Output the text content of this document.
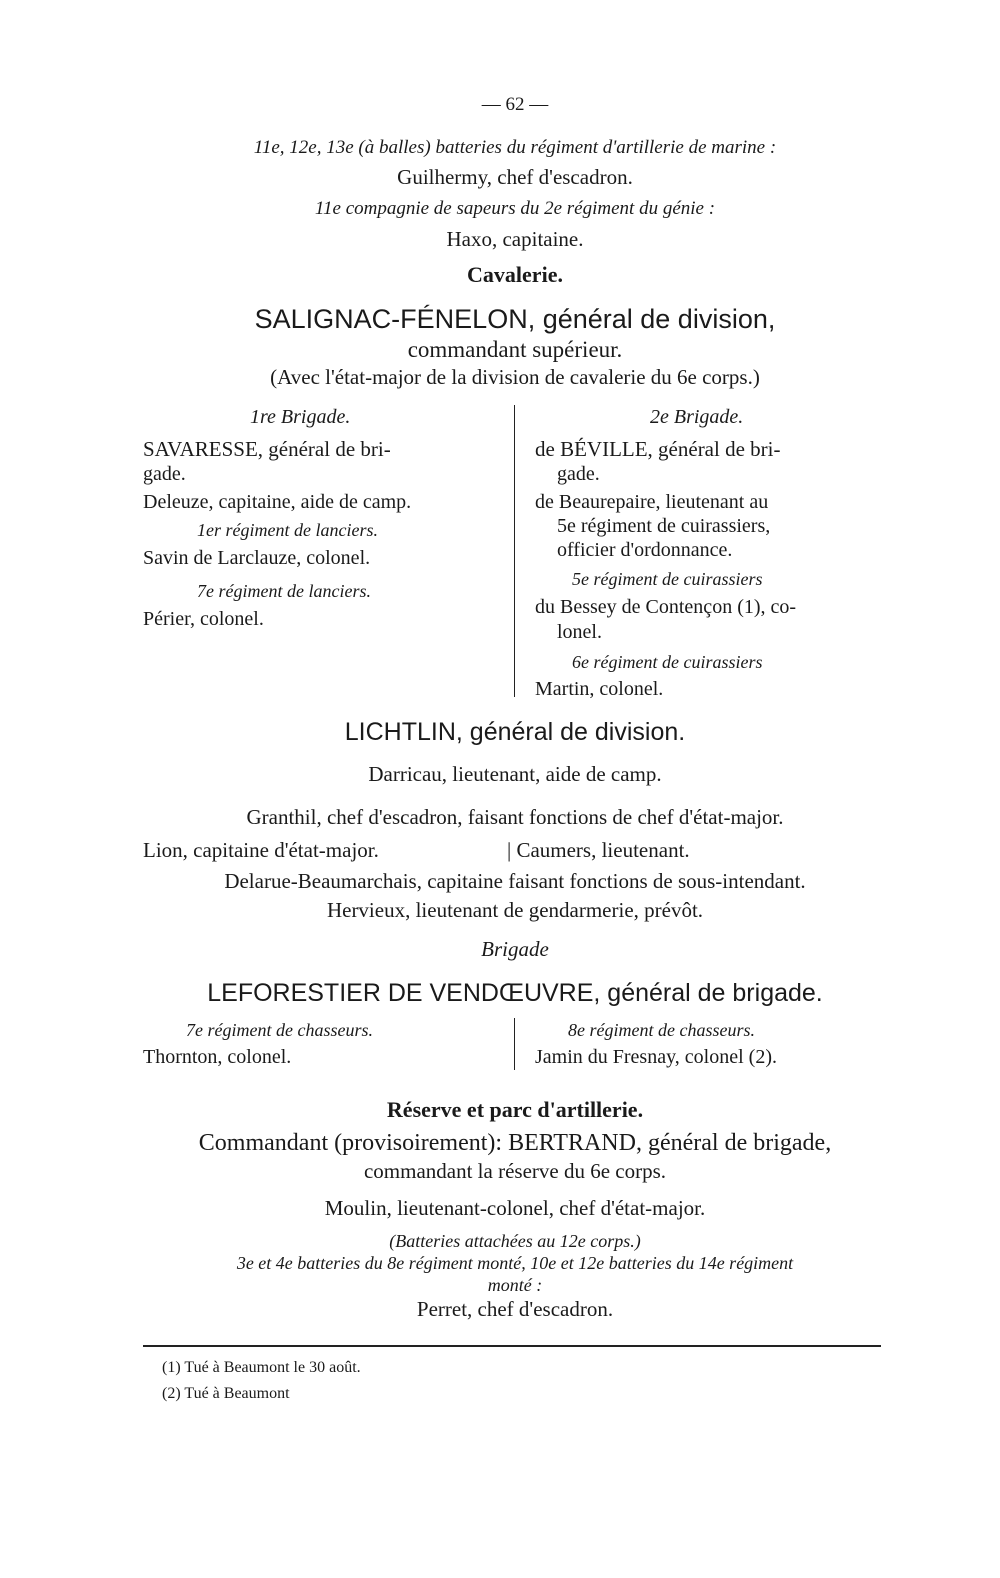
— 62 —
11e, 12e, 13e (à balles) batteries du régiment d'artillerie de marine :
Guilhermy, chef d'escadron.
11e compagnie de sapeurs du 2e régiment du génie :
Haxo, capitaine.
Cavalerie.
SALIGNAC-FÉNELON, général de division,
commandant supérieur.
(Avec l'état-major de la division de cavalerie du 6e corps.)
1re Brigade.
SAVARESSE, général de bri-
gade.
Deleuze, capitaine, aide de camp.
1er régiment de lanciers.
Savin de Larclauze, colonel.
7e régiment de lanciers.
Périer, colonel.
2e Brigade.
de BÉVILLE, général de bri-
gade.
de Beaurepaire, lieutenant au
5e régiment de cuirassiers,
officier d'ordonnance.
5e régiment de cuirassiers
du Bessey de Contençon (1), co-
lonel.
6e régiment de cuirassiers
Martin, colonel.
LICHTLIN, général de division.
Darricau, lieutenant, aide de camp.
Granthil, chef d'escadron, faisant fonctions de chef d'état-major.
Lion, capitaine d'état-major.	| Caumers, lieutenant.
Delarue-Beaumarchais, capitaine faisant fonctions de sous-intendant.
Hervieux, lieutenant de gendarmerie, prévôt.
Brigade
LEFORESTIER DE VENDŒUVRE, général de brigade.
7e régiment de chasseurs.
Thornton, colonel.
8e régiment de chasseurs.
Jamin du Fresnay, colonel (2).
Réserve et parc d'artillerie.
Commandant (provisoirement): BERTRAND, général de brigade,
commandant la réserve du 6e corps.
Moulin, lieutenant-colonel, chef d'état-major.
(Batteries attachées au 12e corps.)
3e et 4e batteries du 8e régiment monté, 10e et 12e batteries du 14e régiment
monté :
Perret, chef d'escadron.
(1) Tué à Beaumont le 30 août.
(2) Tué à Beaumont
